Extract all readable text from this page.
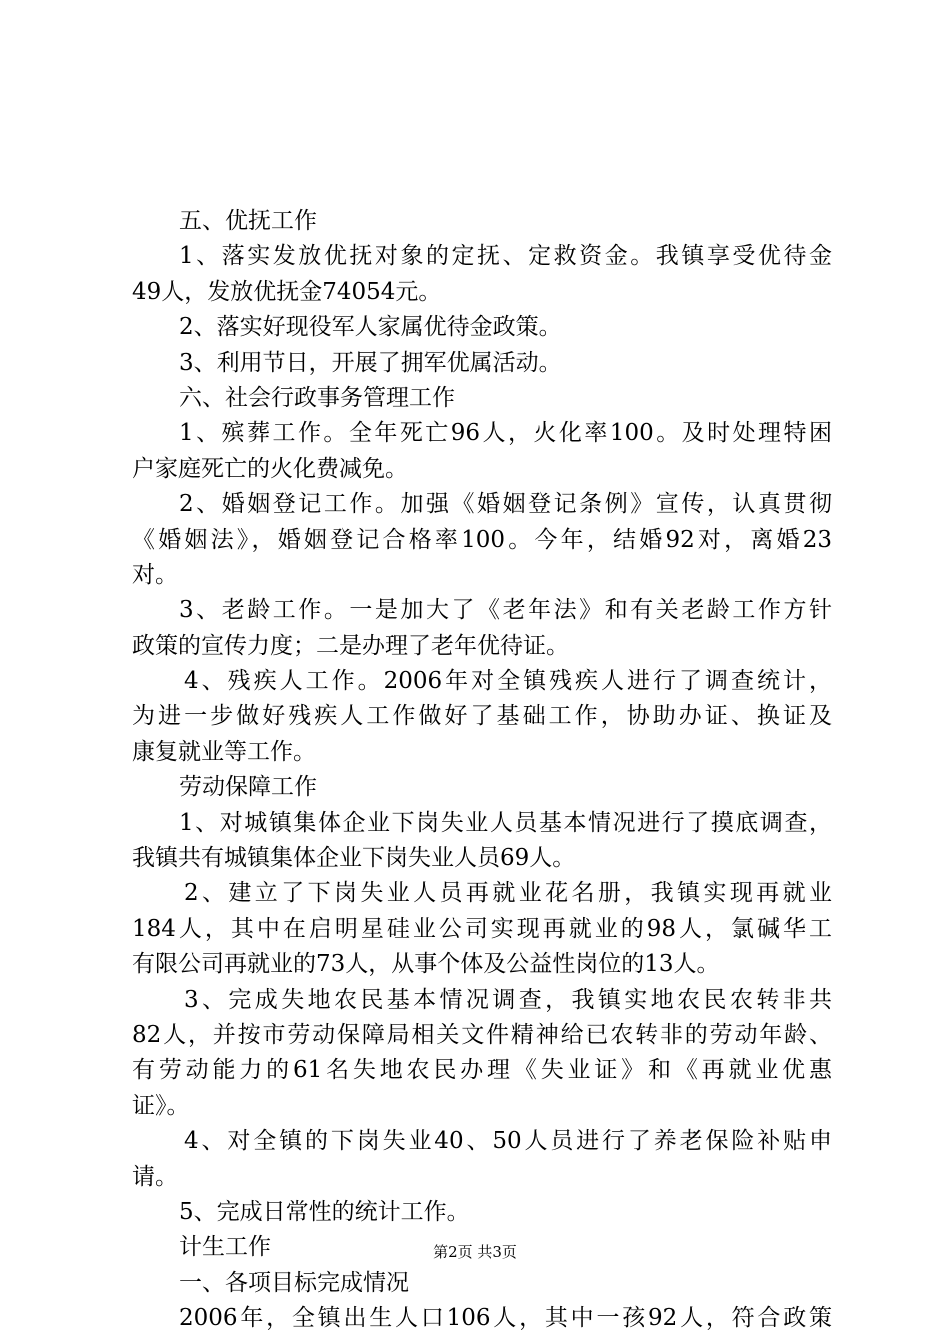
五、优抚工作
1、落实发放优抚对象的定抚、定救资金。我镇享受优待金
49人，发放优抚金74054元。
2、落实好现役军人家属优待金政策。
3、利用节日，开展了拥军优属活动。
六、社会行政事务管理工作
1、殡葬工作。全年死亡96人，火化率100。及时处理特困
户家庭死亡的火化费减免。
2、婚姻登记工作。加强《婚姻登记条例》宣传，认真贯彻
《婚姻法》，婚姻登记合格率100。今年，结婚92对，离婚23
对。
3、老龄工作。一是加大了《老年法》和有关老龄工作方针
政策的宣传力度；二是办理了老年优待证。
4、残疾人工作。2006年对全镇残疾人进行了调查统计，
为进一步做好残疾人工作做好了基础工作，协助办证、换证及
康复就业等工作。
劳动保障工作
1、对城镇集体企业下岗失业人员基本情况进行了摸底调查，
我镇共有城镇集体企业下岗失业人员69人。
2、建立了下岗失业人员再就业花名册，我镇实现再就业
184人，其中在启明星硅业公司实现再就业的98人，氯碱华工
有限公司再就业的73人，从事个体及公益性岗位的13人。
3、完成失地农民基本情况调查，我镇实地农民农转非共
82人，并按市劳动保障局相关文件精神给已农转非的劳动年龄、
有劳动能力的61名失地农民办理《失业证》和《再就业优惠
证》。
4、对全镇的下岗失业40、50人员进行了养老保险补贴申
请。
5、完成日常性的统计工作。
计生工作
一、各项目标完成情况
2006年，全镇出生人口106人，其中一孩92人，符合政策
第2页 共3页
